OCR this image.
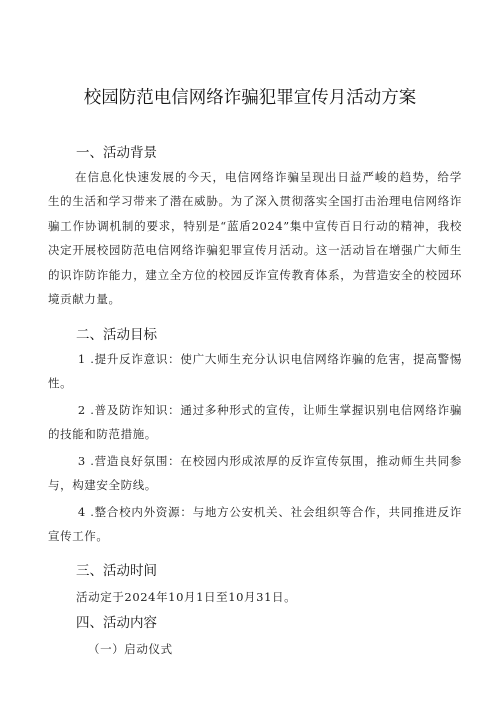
校园防范电信网络诈骗犯罪宣传月活动方案
一、活动背景
在信息化快速发展的今天，电信网络诈骗呈现出日益严峻的趋势，给学生的生活和学习带来了潜在威胁。为了深入贯彻落实全国打击治理电信网络诈骗工作协调机制的要求，特别是“蓝盾2024”集中宣传百日行动的精神，我校决定开展校园防范电信网络诈骗犯罪宣传月活动。这一活动旨在增强广大师生的识诈防诈能力，建立全方位的校园反诈宣传教育体系，为营造安全的校园环境贡献力量。
二、活动目标
1 .提升反诈意识：使广大师生充分认识电信网络诈骗的危害，提高警惕性。
2 .普及防诈知识：通过多种形式的宣传，让师生掌握识别电信网络诈骗的技能和防范措施。
3 .营造良好氛围：在校园内形成浓厚的反诈宣传氛围，推动师生共同参与，构建安全防线。
4 .整合校内外资源：与地方公安机关、社会组织等合作，共同推进反诈宣传工作。
三、活动时间
活动定于2024年10月1日至10月31日。
四、活动内容
（一）启动仪式
